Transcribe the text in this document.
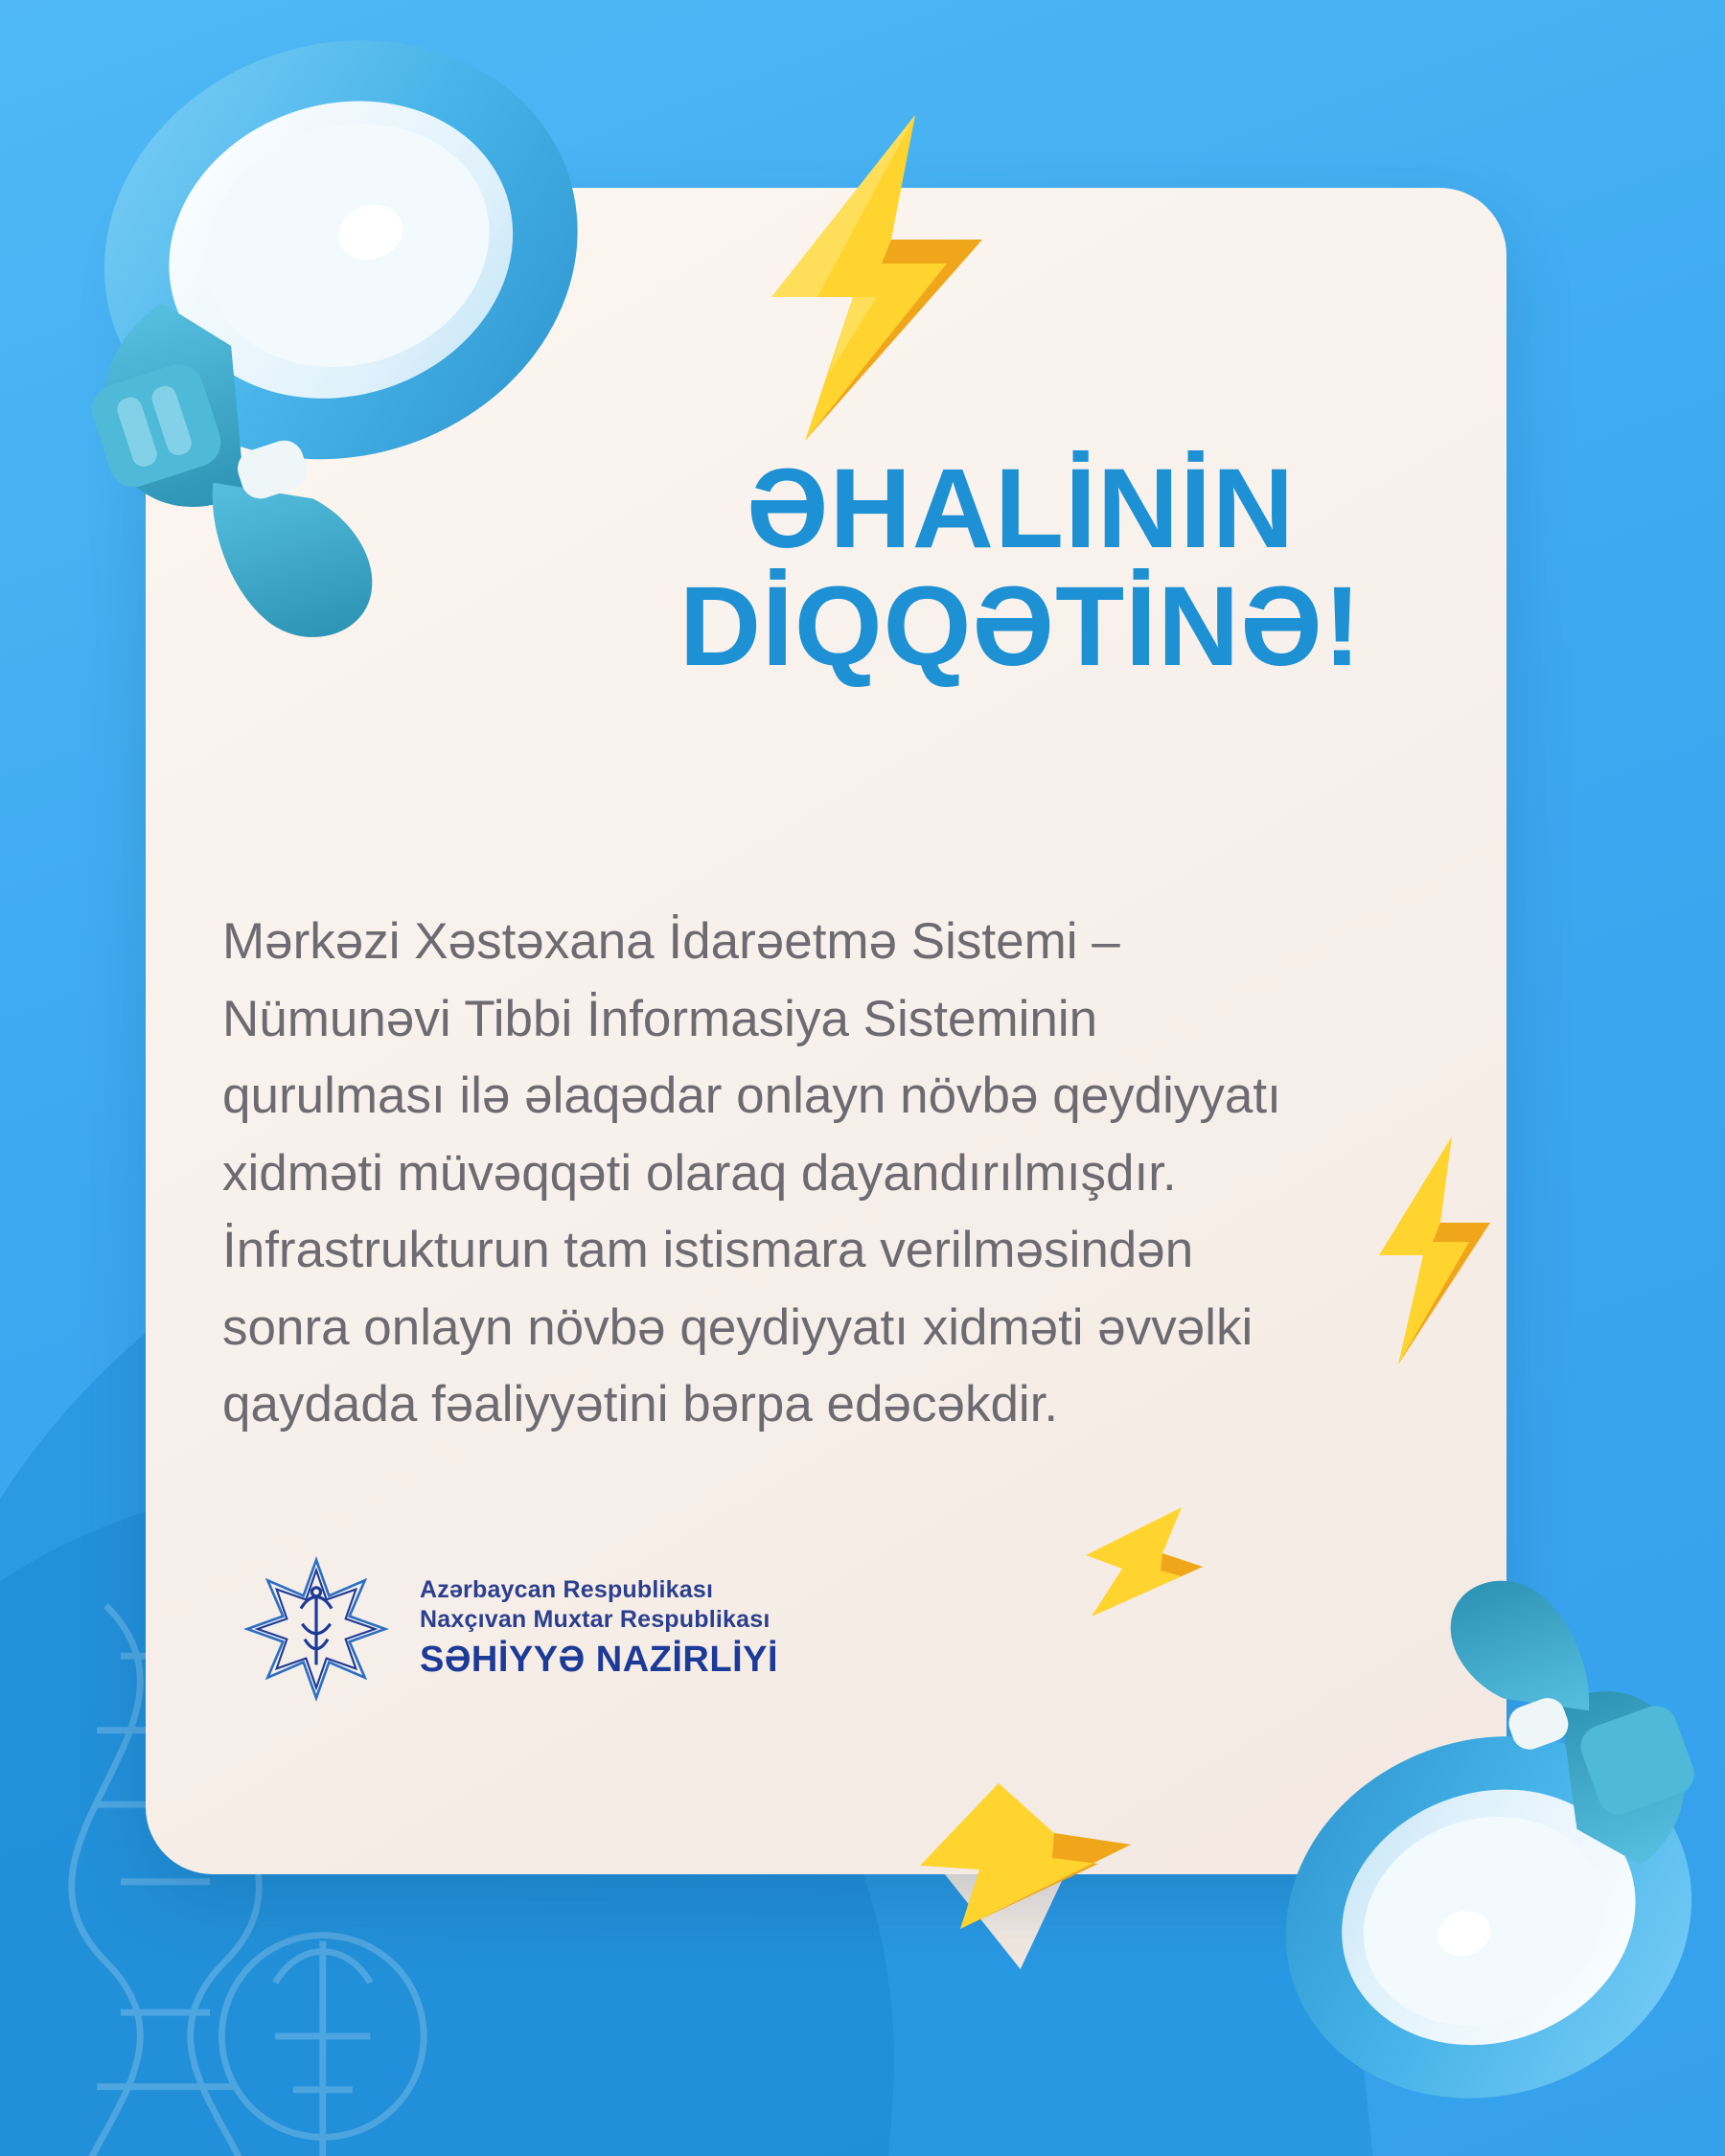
ƏHALİNİN
DİQQƏTİNƏ!

Mərkəzi Xəstəxana İdarəetmə Sistemi – Nümunəvi Tibbi İnformasiya Sisteminin qurulması ilə əlaqədar onlayn növbə qeydiyyatı xidməti müvəqqəti olaraq dayandırılmışdır. İnfrastrukturun tam istismara verilməsindən sonra onlayn növbə qeydiyyatı xidməti əvvəlki qaydada fəaliyyətini bərpa edəcəkdir.

Azərbaycan Respublikası
Naxçıvan Muxtar Respublikası
SƏHİYYƏ NAZİRLİYİ
